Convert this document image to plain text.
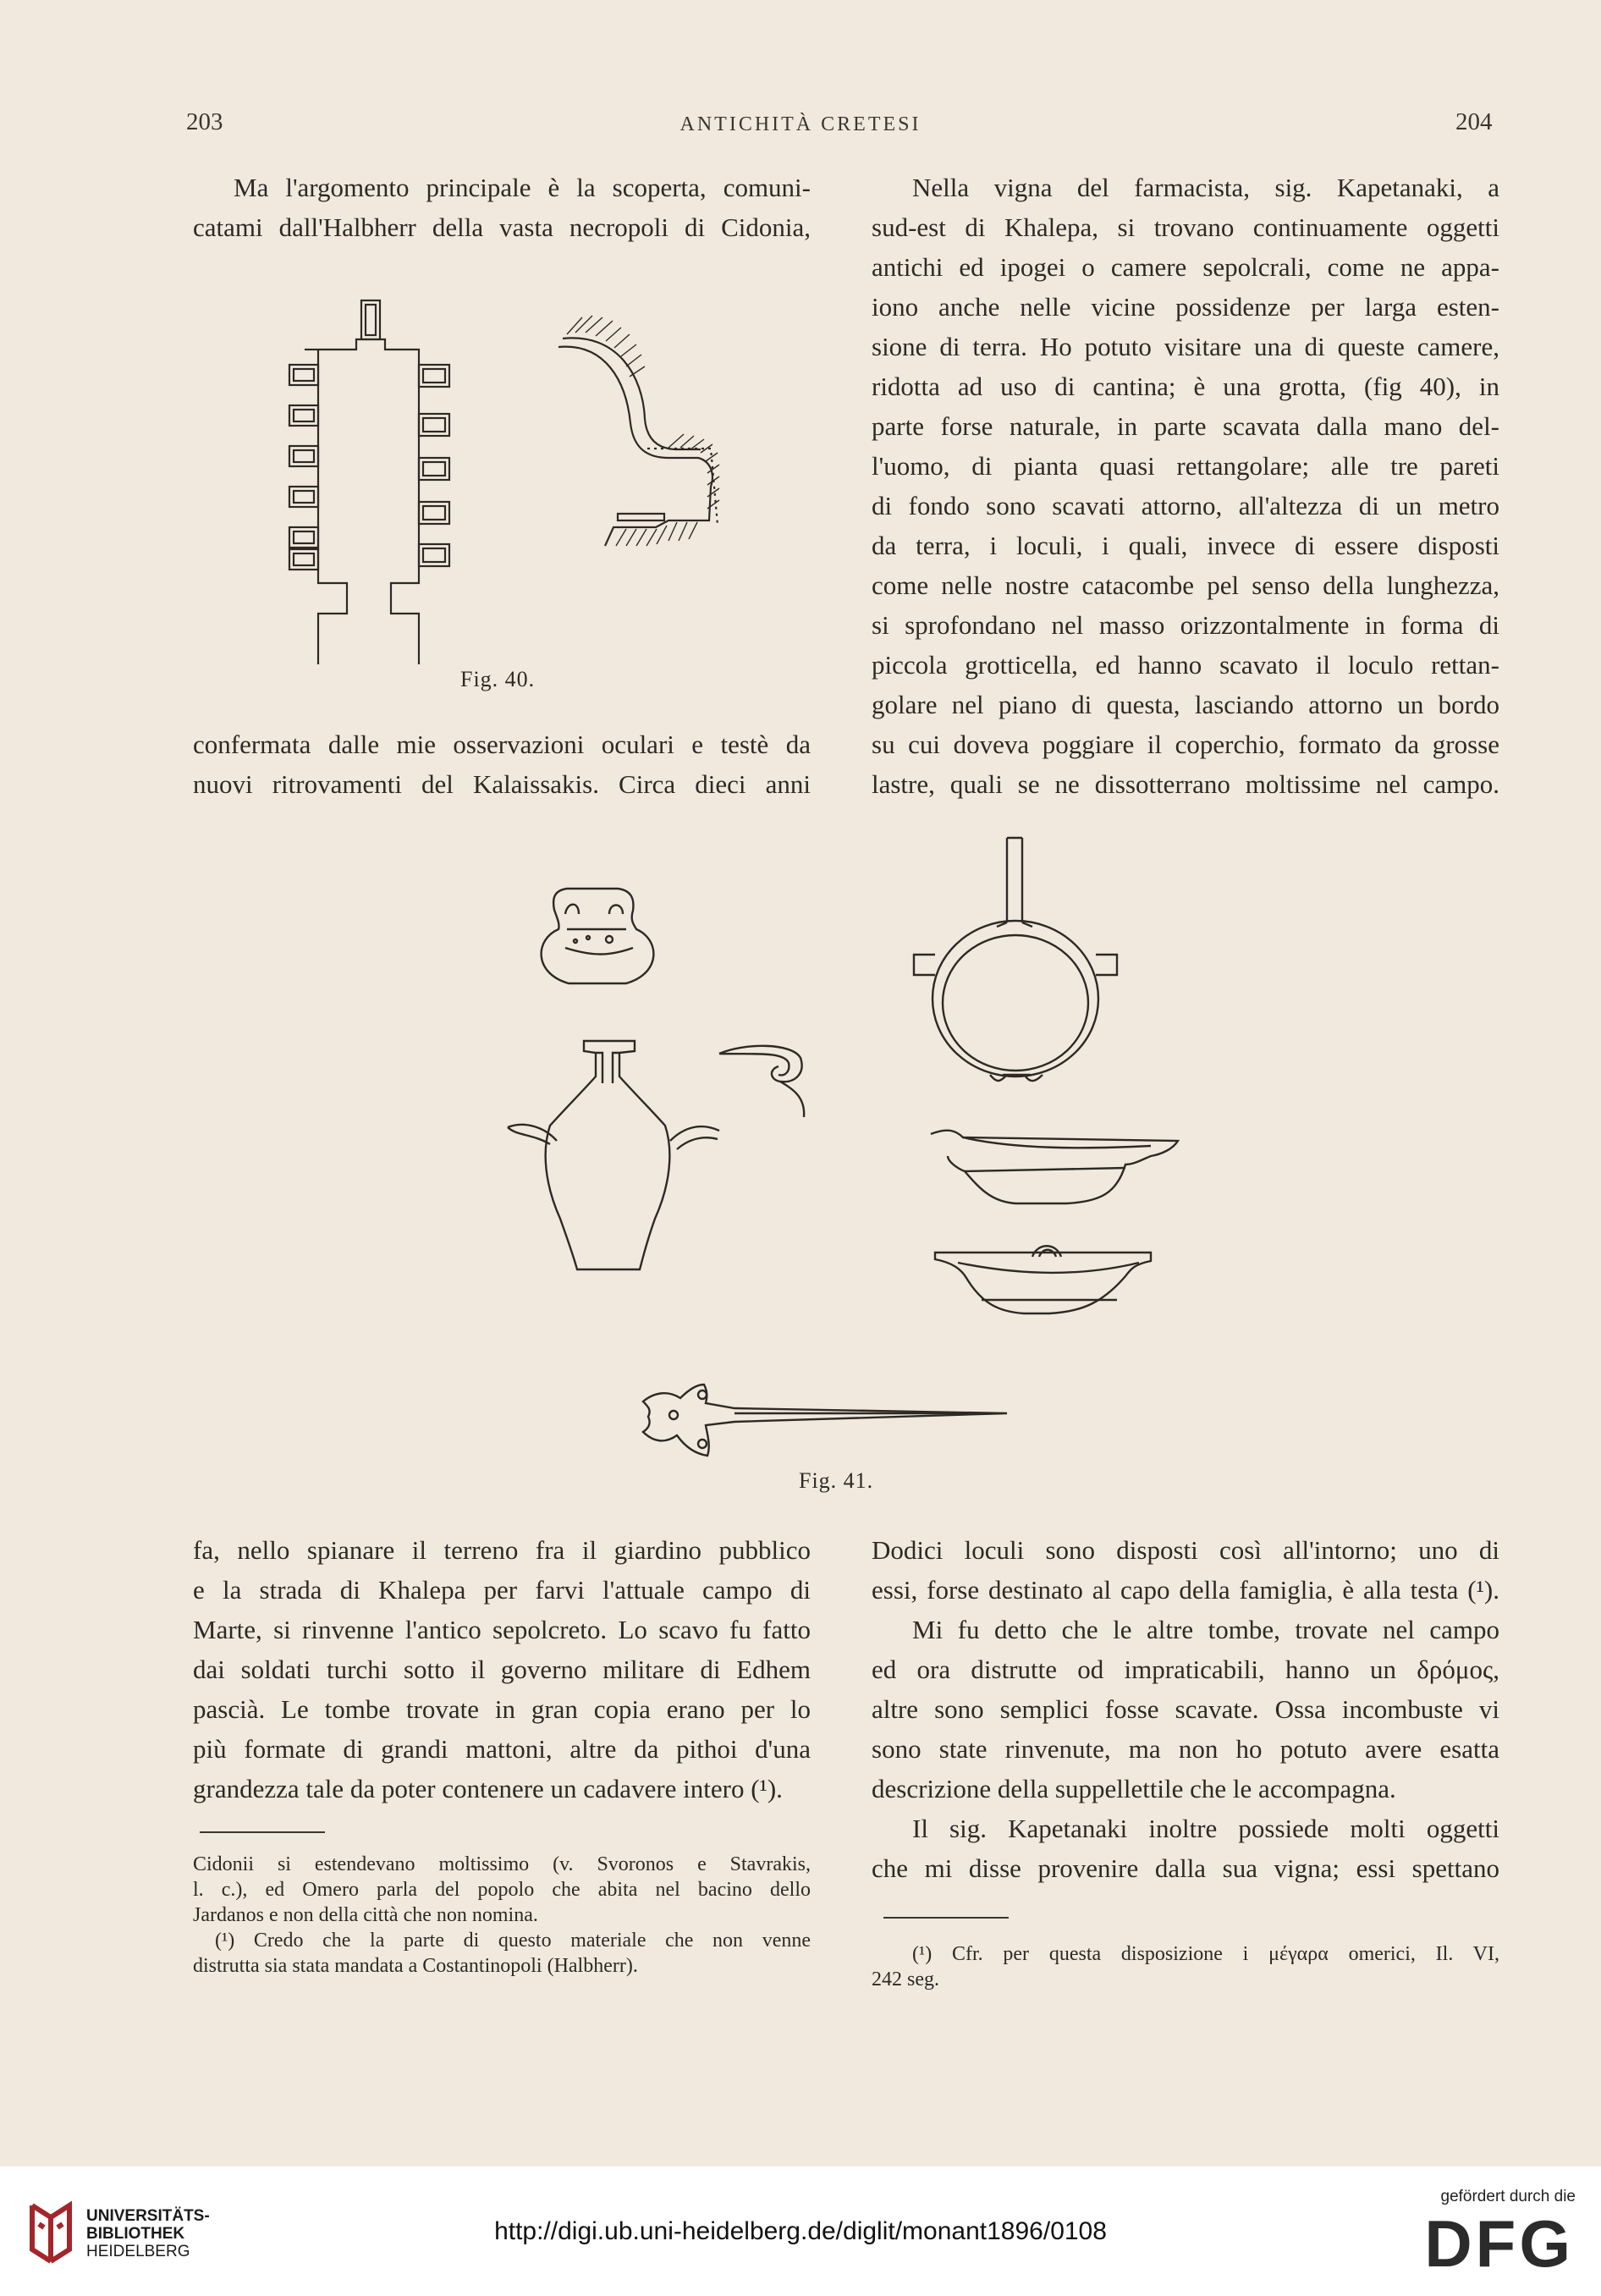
203	ANTICHITÀ CRETESI	204
Ma l'argomento principale è la scoperta, comuni-
catami dall'Halbherr della vasta necropoli di Cidonia,
Fig. 40.
confermata dalle mie osservazioni oculari e testè da
nuovi ritrovamenti del Kalaissakis. Circa dieci anni
Nella vigna del farmacista, sig. Kapetanaki, a
sud-est di Khalepa, si trovano continuamente oggetti
antichi ed ipogei o camere sepolcrali, come ne appa-
iono anche nelle vicine possidenze per larga esten-
sione di terra. Ho potuto visitare una di queste camere,
ridotta ad uso di cantina; è una grotta, (fig 40), in
parte forse naturale, in parte scavata dalla mano del-
l'uomo, di pianta quasi rettangolare; alle tre pareti
di fondo sono scavati attorno, all'altezza di un metro
da terra, i loculi, i quali, invece di essere disposti
come nelle nostre catacombe pel senso della lunghezza,
si sprofondano nel masso orizzontalmente in forma di
piccola grotticella, ed hanno scavato il loculo rettan-
golare nel piano di questa, lasciando attorno un bordo
su cui doveva poggiare il coperchio, formato da grosse
lastre, quali se ne dissotterrano moltissime nel campo.
Fig. 41.
fa, nello spianare il terreno fra il giardino pubblico
e la strada di Khalepa per farvi l'attuale campo di
Marte, si rinvenne l'antico sepolcreto. Lo scavo fu fatto
dai soldati turchi sotto il governo militare di Edhem
pascià. Le tombe trovate in gran copia erano per lo
più formate di grandi mattoni, altre da pithoi d'una
grandezza tale da poter contenere un cadavere intero (¹).
Cidonii si estendevano moltissimo (v. Svoronos e Stavrakis,
l. c.), ed Omero parla del popolo che abita nel bacino dello
Jardanos e non della città che non nomina.
(¹) Credo che la parte di questo materiale che non venne
distrutta sia stata mandata a Costantinopoli (Halbherr).
Dodici loculi sono disposti così all'intorno; uno di
essi, forse destinato al capo della famiglia, è alla testa (¹).
Mi fu detto che le altre tombe, trovate nel campo
ed ora distrutte od impraticabili, hanno un δρόμος,
altre sono semplici fosse scavate. Ossa incombuste vi
sono state rinvenute, ma non ho potuto avere esatta
descrizione della suppellettile che le accompagna.
Il sig. Kapetanaki inoltre possiede molti oggetti
che mi disse provenire dalla sua vigna; essi spettano
(¹) Cfr. per questa disposizione i μέγαρα omerici, Il. VI,
242 seg.
UNIVERSITÄTS-
BIBLIOTHEK
HEIDELBERG
http://digi.ub.uni-heidelberg.de/diglit/monant1896/0108
gefördert durch die
DFG
